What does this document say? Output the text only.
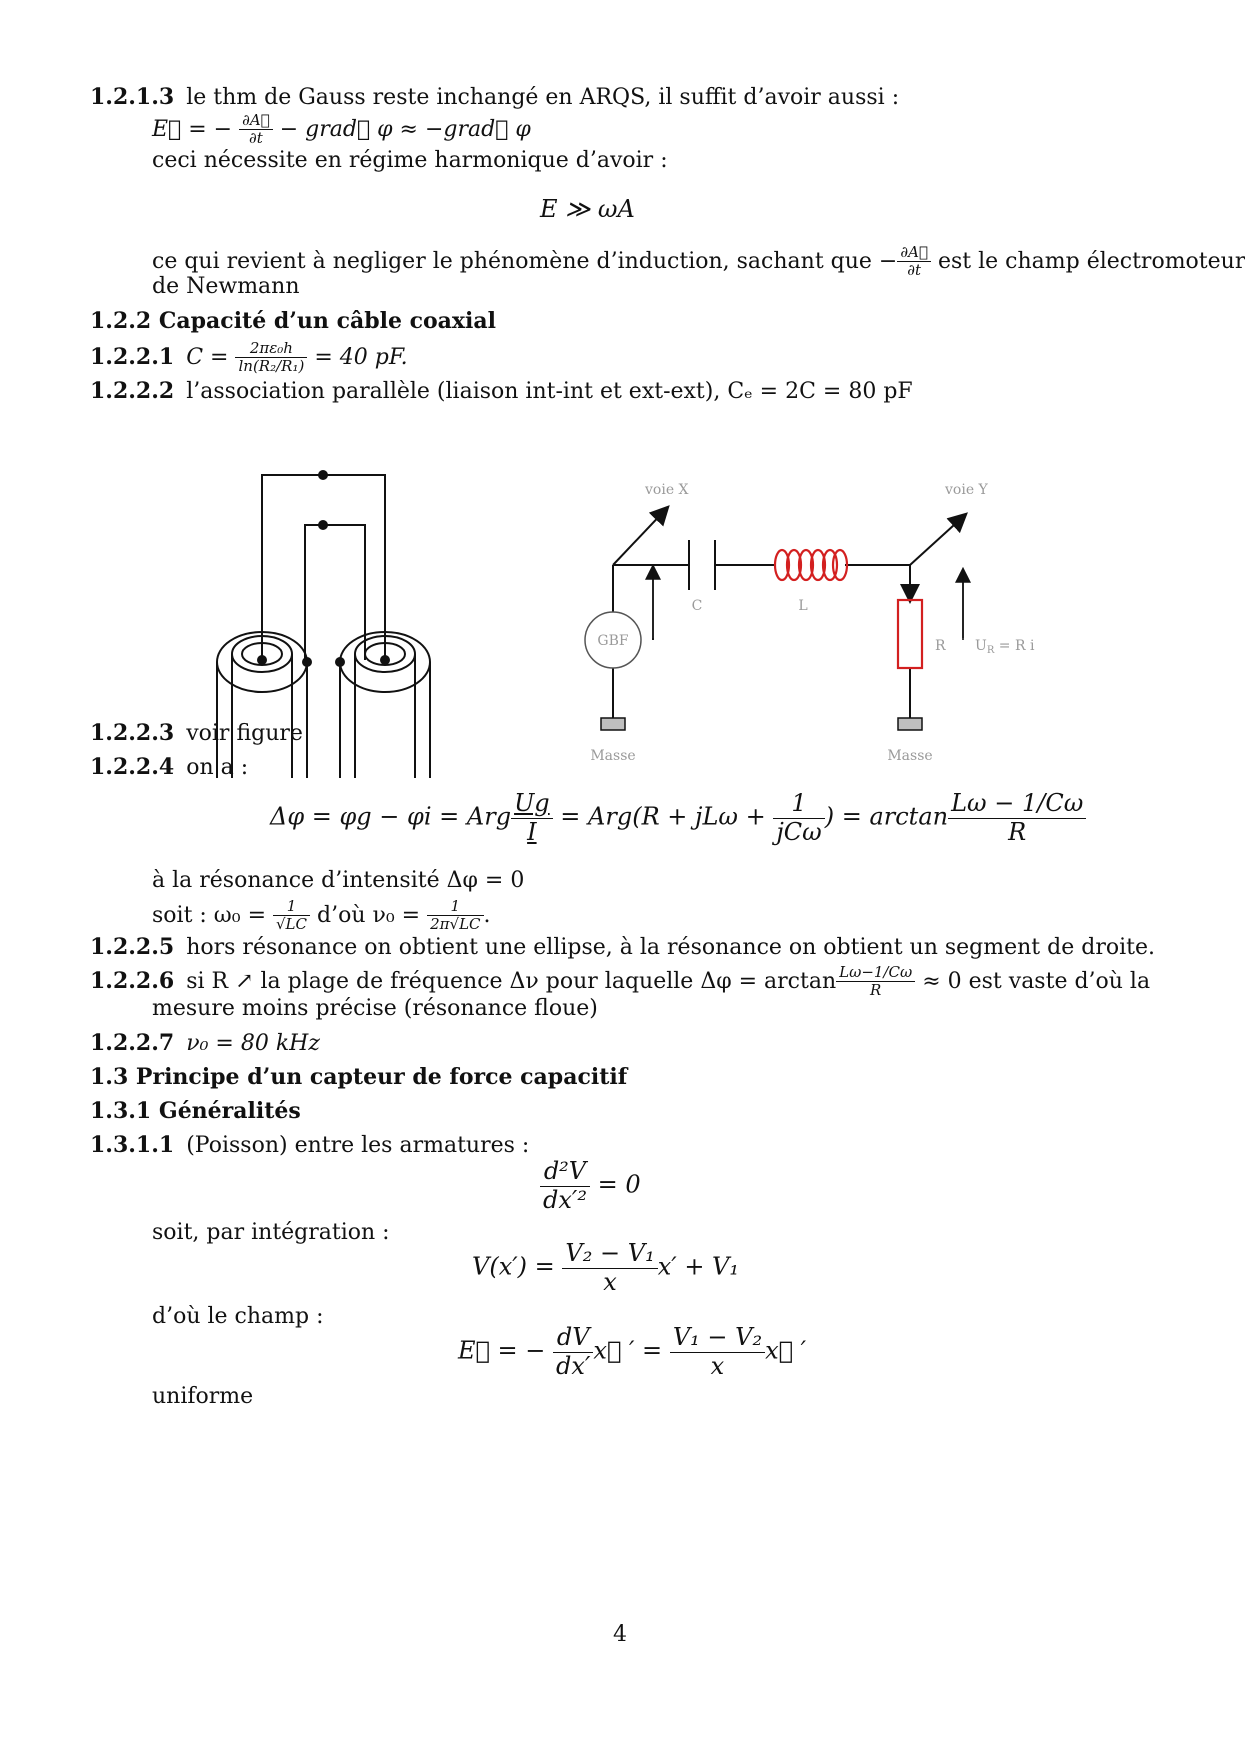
1.2.1.3 le thm de Gauss reste inchangé en ARQS, il suffit d’avoir aussi :
E⃗ = − $\frac{\partial A⃗}{\partial t}$ − grad⃗ φ ≈ −grad⃗ φ
ceci nécessite en régime harmonique d’avoir :
E ≫ ωA
ce qui revient à negliger le phénomène d’induction, sachant que − $\frac{\partial A⃗}{\partial t}$ est le champ électromoteur
de Newmann
1.2.2 Capacité d’un câble coaxial
1.2.2.1 $C = \frac{\text{2πε₀h}}{\text{ln(R₂/R₁)}} = 40$ pF.
1.2.2.2 l’association parallèle (liaison int-int et ext-ext), Cₑ = 2C = 80 pF
GBF
voie X	voie Y
C	L
R $U_R = R$ i
Masse	Masse
1.2.2.3 voir figure
1.2.2.4 on a :
Δφ = φg − φi = Arg $\frac{Ug}{I} = Arg(R + jL\omega + \frac{1}{\text{jCω}}$ ) = $\arctan \frac{L\omega - 1/C\omega}{R}$
à la résonance d’intensité Δφ = 0
soit : $\omega_0 = \frac{1}{√LC}$ d’où $\nu_0 = \frac{1}{2\pi√LC}$ .
1.2.2.5 hors résonance on obtient une ellipse, à la résonance on obtient un segment de droite.
1.2.2.6 si R ↗ la plage de fréquence Δν pour laquelle $\Delta\varphi = \arctan \frac{L\omega-1/C\omega}{R} \approx 0$ est vaste d’où la
mesure moins précise (résonance floue)
1.2.2.7 ν₀ = 80 kHz
1.3 Principe d’un capteur de force capacitif
1.3.1 Généralités
1.3.1.1 (Poisson) entre les armatures :
$\frac{\text{d²V}}{\text{dx′²}} = 0$
soit, par intégration :
$V(x') = \frac{\text{V₂ − V₁}}{x} x' + V_1$
d’où le champ :
E⃗ = − $\frac{dV}{dx'}$ x⃗ ′ = $\frac{\text{V₁ − V₂}}{x}$ x⃗ ′
uniforme
4
